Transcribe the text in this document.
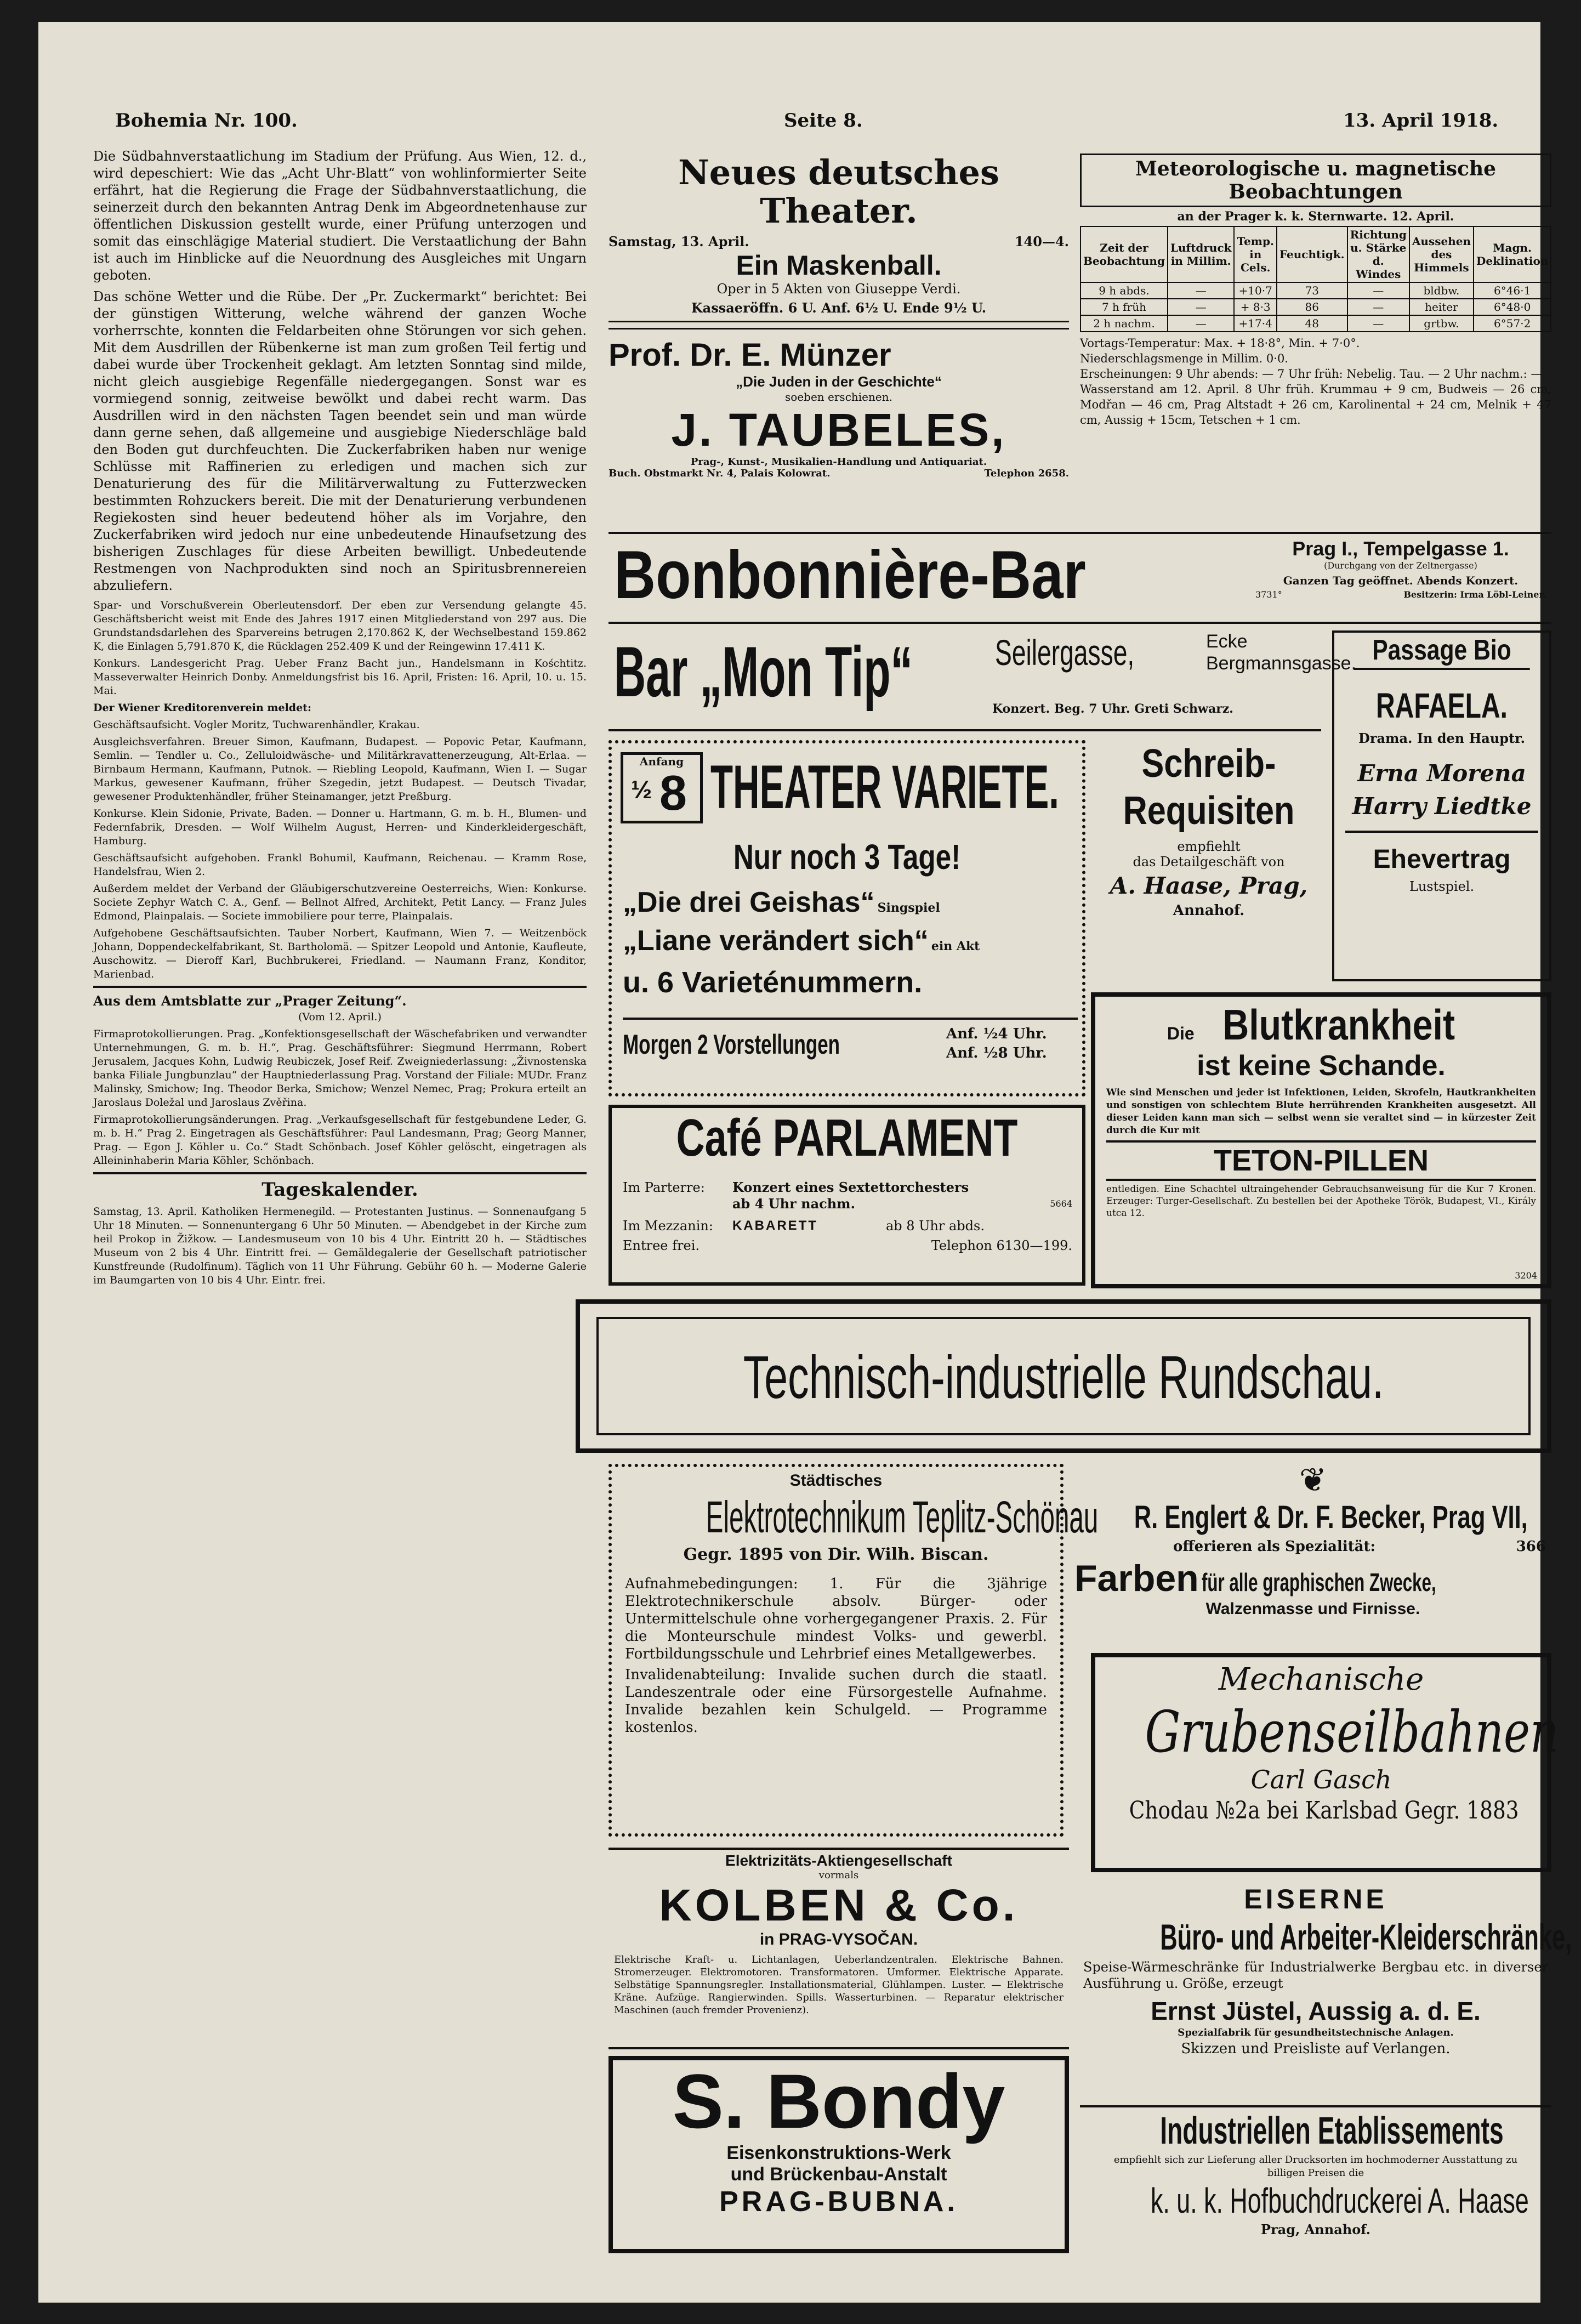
Bohemia Nr. 100.	Seite 8.	13. April 1918.

Die Südbahnverstaatlichung im Stadium der Prüfung. Aus Wien, 12. d., wird depeschiert: Wie das „Acht Uhr-Blatt“ von wohlinformierter Seite erfährt, hat die Regierung die Frage der Südbahnverstaatlichung, die seinerzeit durch den bekannten Antrag Denk im Abgeordnetenhause zur öffentlichen Diskussion gestellt wurde, einer Prüfung unterzogen und somit das einschlägige Material studiert. Die Verstaatlichung der Bahn ist auch im Hinblicke auf die Neuordnung des Ausgleiches mit Ungarn geboten.

Das schöne Wetter und die Rübe. Der „Pr. Zuckermarkt“ berichtet: Bei der günstigen Witterung, welche während der ganzen Woche vorherrschte, konnten die Feldarbeiten ohne Störungen vor sich gehen. Mit dem Ausdrillen der Rübenkerne ist man zum großen Teil fertig und dabei wurde über Trockenheit geklagt. Am letzten Sonntag sind milde, nicht gleich ausgiebige Regenfälle niedergegangen. Sonst war es vormiegend sonnig, zeitweise bewölkt und dabei recht warm. Das Ausdrillen wird in den nächsten Tagen beendet sein und man würde dann gerne sehen, daß allgemeine und ausgiebige Niederschläge bald den Boden gut durchfeuchten. Die Zuckerfabriken haben nur wenige Schlüsse mit Raffinerien zu erledigen und machen sich zur Denaturierung des für die Militärverwaltung zu Futterzwecken bestimmten Rohzuckers bereit. Die mit der Denaturierung verbundenen Regiekosten sind heuer bedeutend höher als im Vorjahre, den Zuckerfabriken wird jedoch nur eine unbedeutende Hinaufsetzung des bisherigen Zuschlages für diese Arbeiten bewilligt. Unbedeutende Restmengen von Nachprodukten sind noch an Spiritusbrennereien abzuliefern.

Spar- und Vorschußverein Oberleutensdorf. Der eben zur Versendung gelangte 45. Geschäftsbericht weist mit Ende des Jahres 1917 einen Mitgliederstand von 297 aus. Die Grundstandsdarlehen des Sparvereins betrugen 2,170.862 K, der Wechselbestand 159.862 K, die Einlagen 5,791.870 K, die Rücklagen 252.409 K und der Reingewinn 17.411 K.

Konkurs. Landesgericht Prag. Ueber Franz Bacht jun., Handelsmann in Kośchtitz. Masseverwalter Heinrich Donby. Anmeldungsfrist bis 16. April, Fristen: 16. April, 10. u. 15. Mai.

Der Wiener Kreditorenverein meldet:

Geschäftsaufsicht. Vogler Moritz, Tuchwarenhändler, Krakau.

Ausgleichsverfahren. Breuer Simon, Kaufmann, Budapest. — Popovic Petar, Kaufmann, Semlin. — Tendler u. Co., Zelluloidwäsche- und Militärkravattenerzeugung, Alt-Erlaa. — Birnbaum Hermann, Kaufmann, Putnok. — Riebling Leopold, Kaufmann, Wien I. — Sugar Markus, gewesener Kaufmann, früher Szegedin, jetzt Budapest. — Deutsch Tivadar, gewesener Produktenhändler, früher Steinamanger, jetzt Preßburg.

Konkurse. Klein Sidonie, Private, Baden. — Donner u. Hartmann, G. m. b. H., Blumen- und Federnfabrik, Dresden. — Wolf Wilhelm August, Herren- und Kinderkleidergeschäft, Hamburg.

Geschäftsaufsicht aufgehoben. Frankl Bohumil, Kaufmann, Reichenau. — Kramm Rose, Handelsfrau, Wien 2.

Außerdem meldet der Verband der Gläubigerschutzvereine Oesterreichs, Wien: Konkurse. Societe Zephyr Watch C. A., Genf. — Bellnot Alfred, Architekt, Petit Lancy. — Franz Jules Edmond, Plainpalais. — Societe immobiliere pour terre, Plainpalais.

Aufgehobene Geschäftsaufsichten. Tauber Norbert, Kaufmann, Wien 7. — Weitzenböck Johann, Doppendeckelfabrikant, St. Bartholomä. — Spitzer Leopold und Antonie, Kaufleute, Auschowitz. — Dieroff Karl, Buchbrukerei, Friedland. — Naumann Franz, Konditor, Marienbad.

Aus dem Amtsblatte zur „Prager Zeitung“.

(Vom 12. April.)

Firmaprotokollierungen. Prag. „Konfektionsgesellschaft der Wäschefabriken und verwandter Unternehmungen, G. m. b. H.“, Prag. Geschäftsführer: Siegmund Herrmann, Robert Jerusalem, Jacques Kohn, Ludwig Reubiczek, Josef Reif. Zweigniederlassung: „Živnostenska banka Filiale Jungbunzlau“ der Hauptniederlassung Prag. Vorstand der Filiale: MUDr. Franz Malinsky, Smichow; Ing. Theodor Berka, Smichow; Wenzel Nemec, Prag; Prokura erteilt an Jaroslaus Doležal und Jaroslaus Zvěřina.

Firmaprotokollierungsänderungen. Prag. „Verkaufsgesellschaft für festgebundene Leder, G. m. b. H.“ Prag 2. Eingetragen als Geschäftsführer: Paul Landesmann, Prag; Georg Manner, Prag. — Egon J. Köhler u. Co.“ Stadt Schönbach. Josef Köhler gelöscht, eingetragen als Alleininhaberin Maria Köhler, Schönbach.

Tageskalender.

Samstag, 13. April. Katholiken Hermenegild. — Protestanten Justinus. — Sonnenaufgang 5 Uhr 18 Minuten. — Sonnenuntergang 6 Uhr 50 Minuten. — Abendgebet in der Kirche zum heil Prokop in Žižkow. — Landesmuseum von 10 bis 4 Uhr. Eintritt 20 h. — Städtisches Museum von 2 bis 4 Uhr. Eintritt frei. — Gemäldegalerie der Gesellschaft patriotischer Kunstfreunde (Rudolfinum). Täglich von 11 Uhr Führung. Gebühr 60 h. — Moderne Galerie im Baumgarten von 10 bis 4 Uhr. Eintr. frei.

Neues deutsches Theater.
Samstag, 13. April.	140—4.
Ein Maskenball.
Oper in 5 Akten von Giuseppe Verdi.
Kassaeröffn. 6 U. Anf. 6½ U. Ende 9½ U.
Prof. Dr. E. Münzer
„Die Juden in der Geschichte“
soeben erschienen.
J. TAUBELES,
Prag-, Kunst-, Musikalien-Handlung und Antiquariat.
Buch. Obstmarkt Nr. 4, Palais Kolowrat.	Telephon 2658.
Meteorologische u. magnetische Beobachtungen
an der Prager k. k. Sternwarte. 12. April.
Zeit der Beobachtung	Luftdruck in Millim.	Temp. in Cels.	Feuchtigk.	Richtung u. Stärke d. Windes	Aussehen des Himmels	Magn. Deklination
9 h abds.	—	+10·7	73	—	bldbw.	6°46·1
7 h früh	—	+ 8·3	86	—	heiter	6°48·0
2 h nachm.	—	+17·4	48	—	grtbw.	6°57·2
Vortags-Temperatur: Max. + 18·8°, Min. + 7·0°.
Niederschlagsmenge in Millim. 0·0.
Erscheinungen: 9 Uhr abends: — 7 Uhr früh: Nebelig. Tau. — 2 Uhr nachm.: —
Wasserstand am 12. April. 8 Uhr früh. Krummau + 9 cm, Budweis — 26 cm, Modřan — 46 cm, Prag Altstadt + 26 cm, Karolinental + 24 cm, Melnik + 47 cm, Aussig + 15cm, Tetschen + 1 cm.
Bonbonnière-Bar	Prag I., Tempelgasse 1.
(Durchgang von der Zeltnergasse)
Ganzen Tag geöffnet. Abends Konzert.
3731°	Besitzerin: Irma Löbl-Leiner.
Bar „Mon Tip“ Seilergasse,	Ecke Bergmannsgasse.
Konzert. Beg. 7 Uhr. Greti Schwarz.
Passage Bio
RAFAELA.
Drama. In den Hauptr.
Erna Morena
Harry Liedtke
Ehevertrag
Lustspiel.
Anfang
½ 8 THEATER VARIETE.
Nur noch 3 Tage!
„Die drei Geishas“ Singspiel
„Liane verändert sich“ ein Akt
u. 6 Varieténummern.
Morgen 2 Vorstellungen	Anf. ½4 Uhr.
Anf. ½8 Uhr.
Schreib-
Requisiten
empfiehlt
das Detailgeschäft von
A. Haase, Prag,
Annahof.
Café PARLAMENT
Im Parterre:	Konzert eines Sextettorchesters
ab 4 Uhr nachm.	5664
Im Mezzanin:	KABARETT	ab 8 Uhr abds.
Entree frei.	Telephon 6130—199.
Die Blutkrankheit
ist keine Schande.
Wie sind Menschen und jeder ist Infektionen, Leiden, Skrofeln, Hautkrankheiten und sonstigen von schlechtem Blute herrührenden Krankheiten ausgesetzt. All dieser Leiden kann man sich — selbst wenn sie veraltet sind — in kürzester Zeit durch die Kur mit
TETON-PILLEN
entledigen. Eine Schachtel ultraingehender Gebrauchsanweisung für die Kur 7 Kronen. Erzeuger: Turger-Gesellschaft. Zu bestellen bei der Apotheke Török, Budapest, VI., Király utca 12.
3204
Technisch-industrielle Rundschau.
Städtisches
Elektrotechnikum Teplitz-Schönau
Gegr. 1895 von Dir. Wilh. Biscan.
Aufnahmebedingungen: 1. Für die 3jährige Elektrotechnikerschule absolv. Bürger- oder Untermittelschule ohne vorhergegangener Praxis. 2. Für die Monteurschule mindest Volks- und gewerbl. Fortbildungsschule und Lehrbrief eines Metallgewerbes.
Invalidenabteilung: Invalide suchen durch die staatl. Landeszentrale oder eine Fürsorgestelle Aufnahme. Invalide bezahlen kein Schulgeld. — Programme kostenlos.
❦
R. Englert & Dr. F. Becker, Prag VII,
offerieren als Spezialität:	366
Farben für alle graphischen Zwecke,
Walzenmasse und Firnisse.
Mechanische
Grubenseilbahnen
Carl Gasch
Chodau №2a bei Karlsbad Gegr. 1883
Elektrizitäts-Aktiengesellschaft
vormals
KOLBEN & Co.
in PRAG-VYSOČAN.
Elektrische Kraft- u. Lichtanlagen, Ueberlandzentralen. Elektrische Bahnen. Stromerzeuger. Elektromotoren. Transformatoren. Umformer. Elektrische Apparate. Selbstätige Spannungsregler. Installationsmaterial, Glühlampen. Luster. — Elektrische Kräne. Aufzüge. Rangierwinden. Spills. Wasserturbinen. — Reparatur elektrischer Maschinen (auch fremder Provenienz).
EISERNE
Büro- und Arbeiter-Kleiderschränke,
Speise-Wärmeschränke für Industrialwerke Bergbau etc. in diverser Ausführung u. Größe, erzeugt
Ernst Jüstel, Aussig a. d. E.
Spezialfabrik für gesundheitstechnische Anlagen.
Skizzen und Preisliste auf Verlangen.
S. Bondy
Eisenkonstruktions-Werk
und Brückenbau-Anstalt
PRAG-BUBNA.
Industriellen Etablissements
empfiehlt sich zur Lieferung aller Drucksorten im hochmoderner Ausstattung zu billigen Preisen die
k. u. k. Hofbuchdruckerei A. Haase
Prag, Annahof.
